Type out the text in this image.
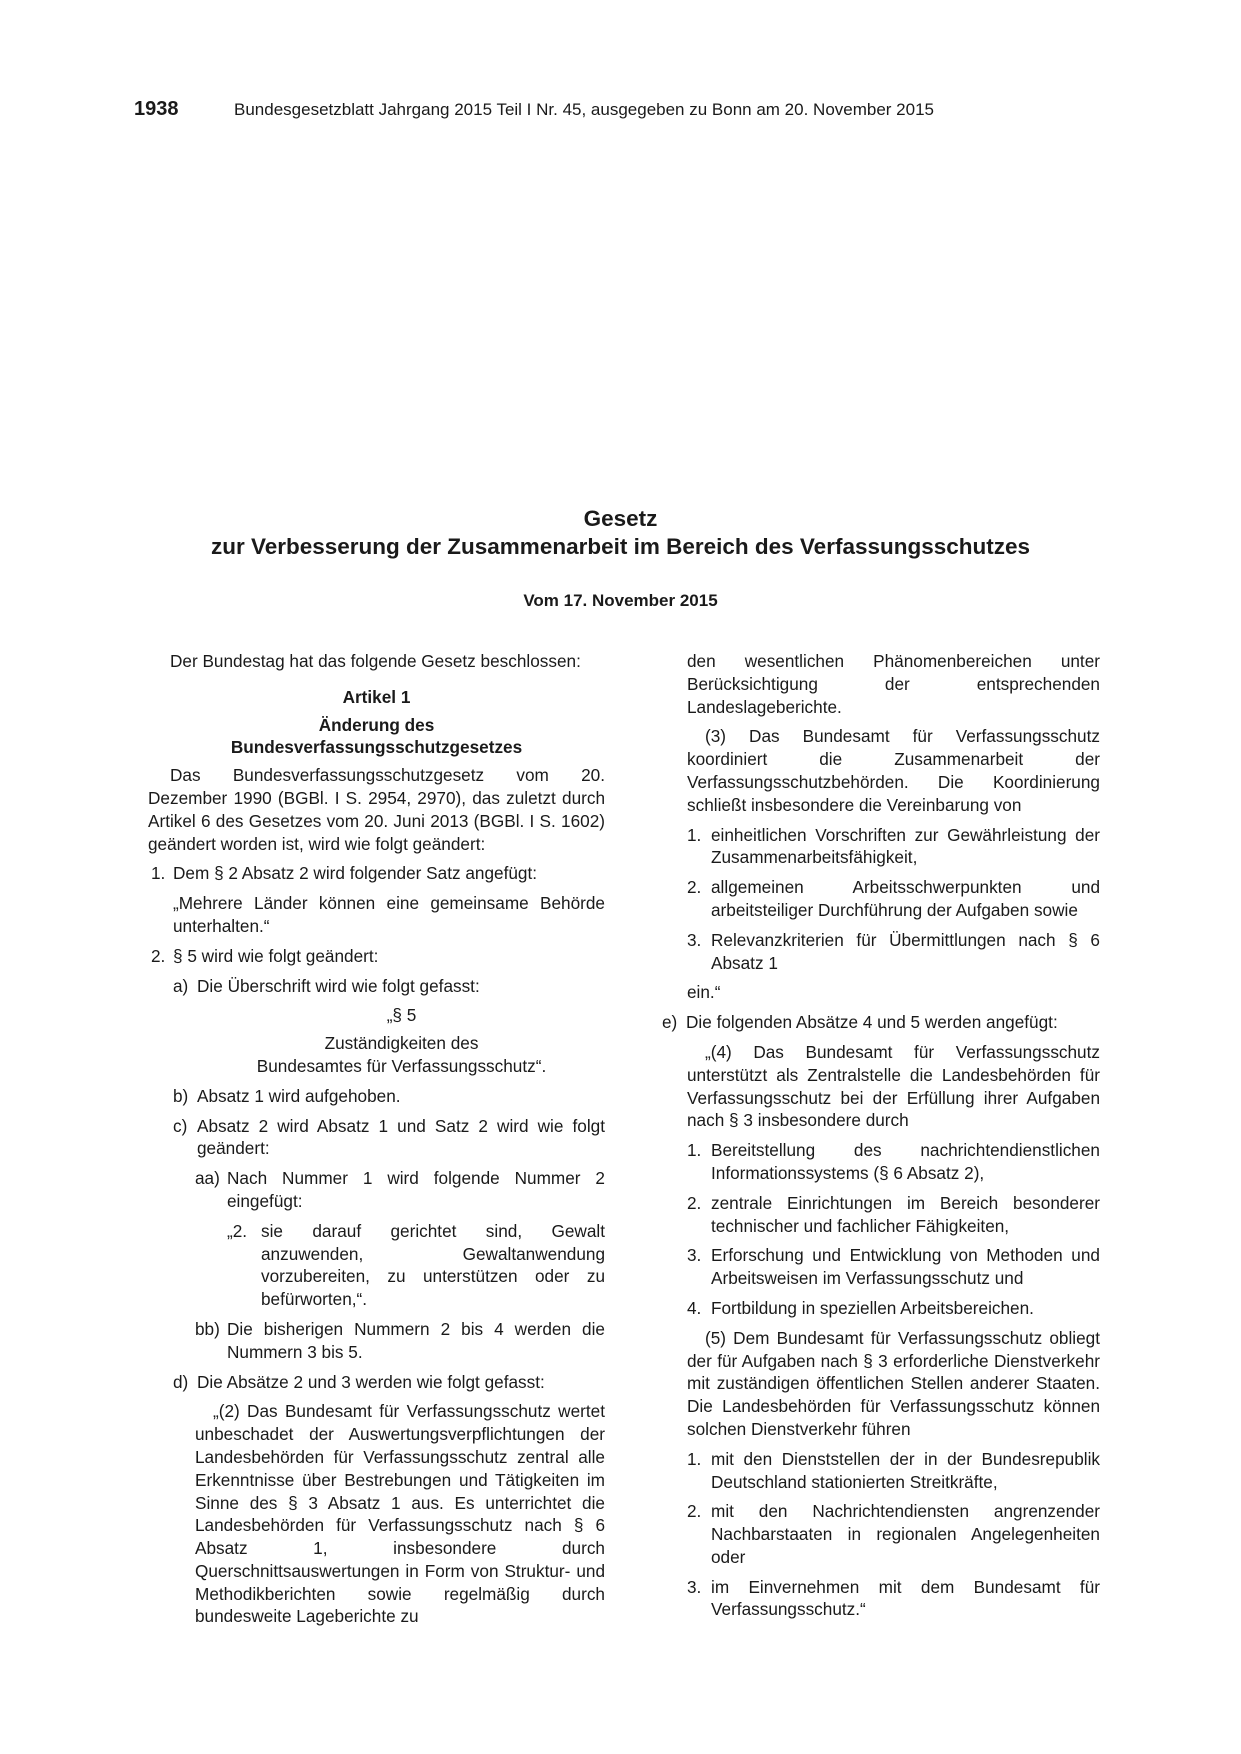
1938	Bundesgesetzblatt Jahrgang 2015 Teil I Nr. 45, ausgegeben zu Bonn am 20. November 2015

Gesetz

zur Verbesserung der Zusammenarbeit im Bereich des Verfassungsschutzes

Vom 17. November 2015

Der Bundestag hat das folgende Gesetz beschlossen:

Artikel 1

Änderung des

Bundesverfassungsschutzgesetzes

Das Bundesverfassungsschutzgesetz vom 20. Dezember 1990 (BGBl. I S. 2954, 2970), das zuletzt durch Artikel 6 des Gesetzes vom 20. Juni 2013 (BGBl. I S. 1602) geändert worden ist, wird wie folgt geändert:

1. Dem § 2 Absatz 2 wird folgender Satz angefügt:

„Mehrere Länder können eine gemeinsame Behörde unterhalten.“

2. § 5 wird wie folgt geändert:
a) Die Überschrift wird wie folgt gefasst:

„§ 5

Zuständigkeiten des

Bundesamtes für Verfassungsschutz“.

b) Absatz 1 wird aufgehoben.
c) Absatz 2 wird Absatz 1 und Satz 2 wird wie folgt geändert:
aa) Nach Nummer 1 wird folgende Nummer 2 eingefügt:
„2. sie darauf gerichtet sind, Gewalt anzuwenden, Gewaltanwendung vorzubereiten, zu unterstützen oder zu befürworten,“.
bb) Die bisherigen Nummern 2 bis 4 werden die Nummern 3 bis 5.
d) Die Absätze 2 und 3 werden wie folgt gefasst:

„(2) Das Bundesamt für Verfassungsschutz wertet unbeschadet der Auswertungsverpflichtungen der Landesbehörden für Verfassungsschutz zentral alle Erkenntnisse über Bestrebungen und Tätigkeiten im Sinne des § 3 Absatz 1 aus. Es unterrichtet die Landesbehörden für Verfassungsschutz nach § 6 Absatz 1, insbesondere durch Querschnittsauswertungen in Form von Struktur- und Methodikberichten sowie regelmäßig durch bundesweite Lageberichte zu

den wesentlichen Phänomenbereichen unter Berücksichtigung der entsprechenden Landeslageberichte.

(3) Das Bundesamt für Verfassungsschutz koordiniert die Zusammenarbeit der Verfassungsschutzbehörden. Die Koordinierung schließt insbesondere die Vereinbarung von

1. einheitlichen Vorschriften zur Gewährleistung der Zusammenarbeitsfähigkeit,
2. allgemeinen Arbeitsschwerpunkten und arbeitsteiliger Durchführung der Aufgaben sowie
3. Relevanzkriterien für Übermittlungen nach § 6 Absatz 1

ein.“

e) Die folgenden Absätze 4 und 5 werden angefügt:

„(4) Das Bundesamt für Verfassungsschutz unterstützt als Zentralstelle die Landesbehörden für Verfassungsschutz bei der Erfüllung ihrer Aufgaben nach § 3 insbesondere durch

1. Bereitstellung des nachrichtendienstlichen Informationssystems (§ 6 Absatz 2),
2. zentrale Einrichtungen im Bereich besonderer technischer und fachlicher Fähigkeiten,
3. Erforschung und Entwicklung von Methoden und Arbeitsweisen im Verfassungsschutz und
4. Fortbildung in speziellen Arbeitsbereichen.

(5) Dem Bundesamt für Verfassungsschutz obliegt der für Aufgaben nach § 3 erforderliche Dienstverkehr mit zuständigen öffentlichen Stellen anderer Staaten. Die Landesbehörden für Verfassungsschutz können solchen Dienstverkehr führen

1. mit den Dienststellen der in der Bundesrepublik Deutschland stationierten Streitkräfte,
2. mit den Nachrichtendiensten angrenzender Nachbarstaaten in regionalen Angelegenheiten oder
3. im Einvernehmen mit dem Bundesamt für Verfassungsschutz.“
